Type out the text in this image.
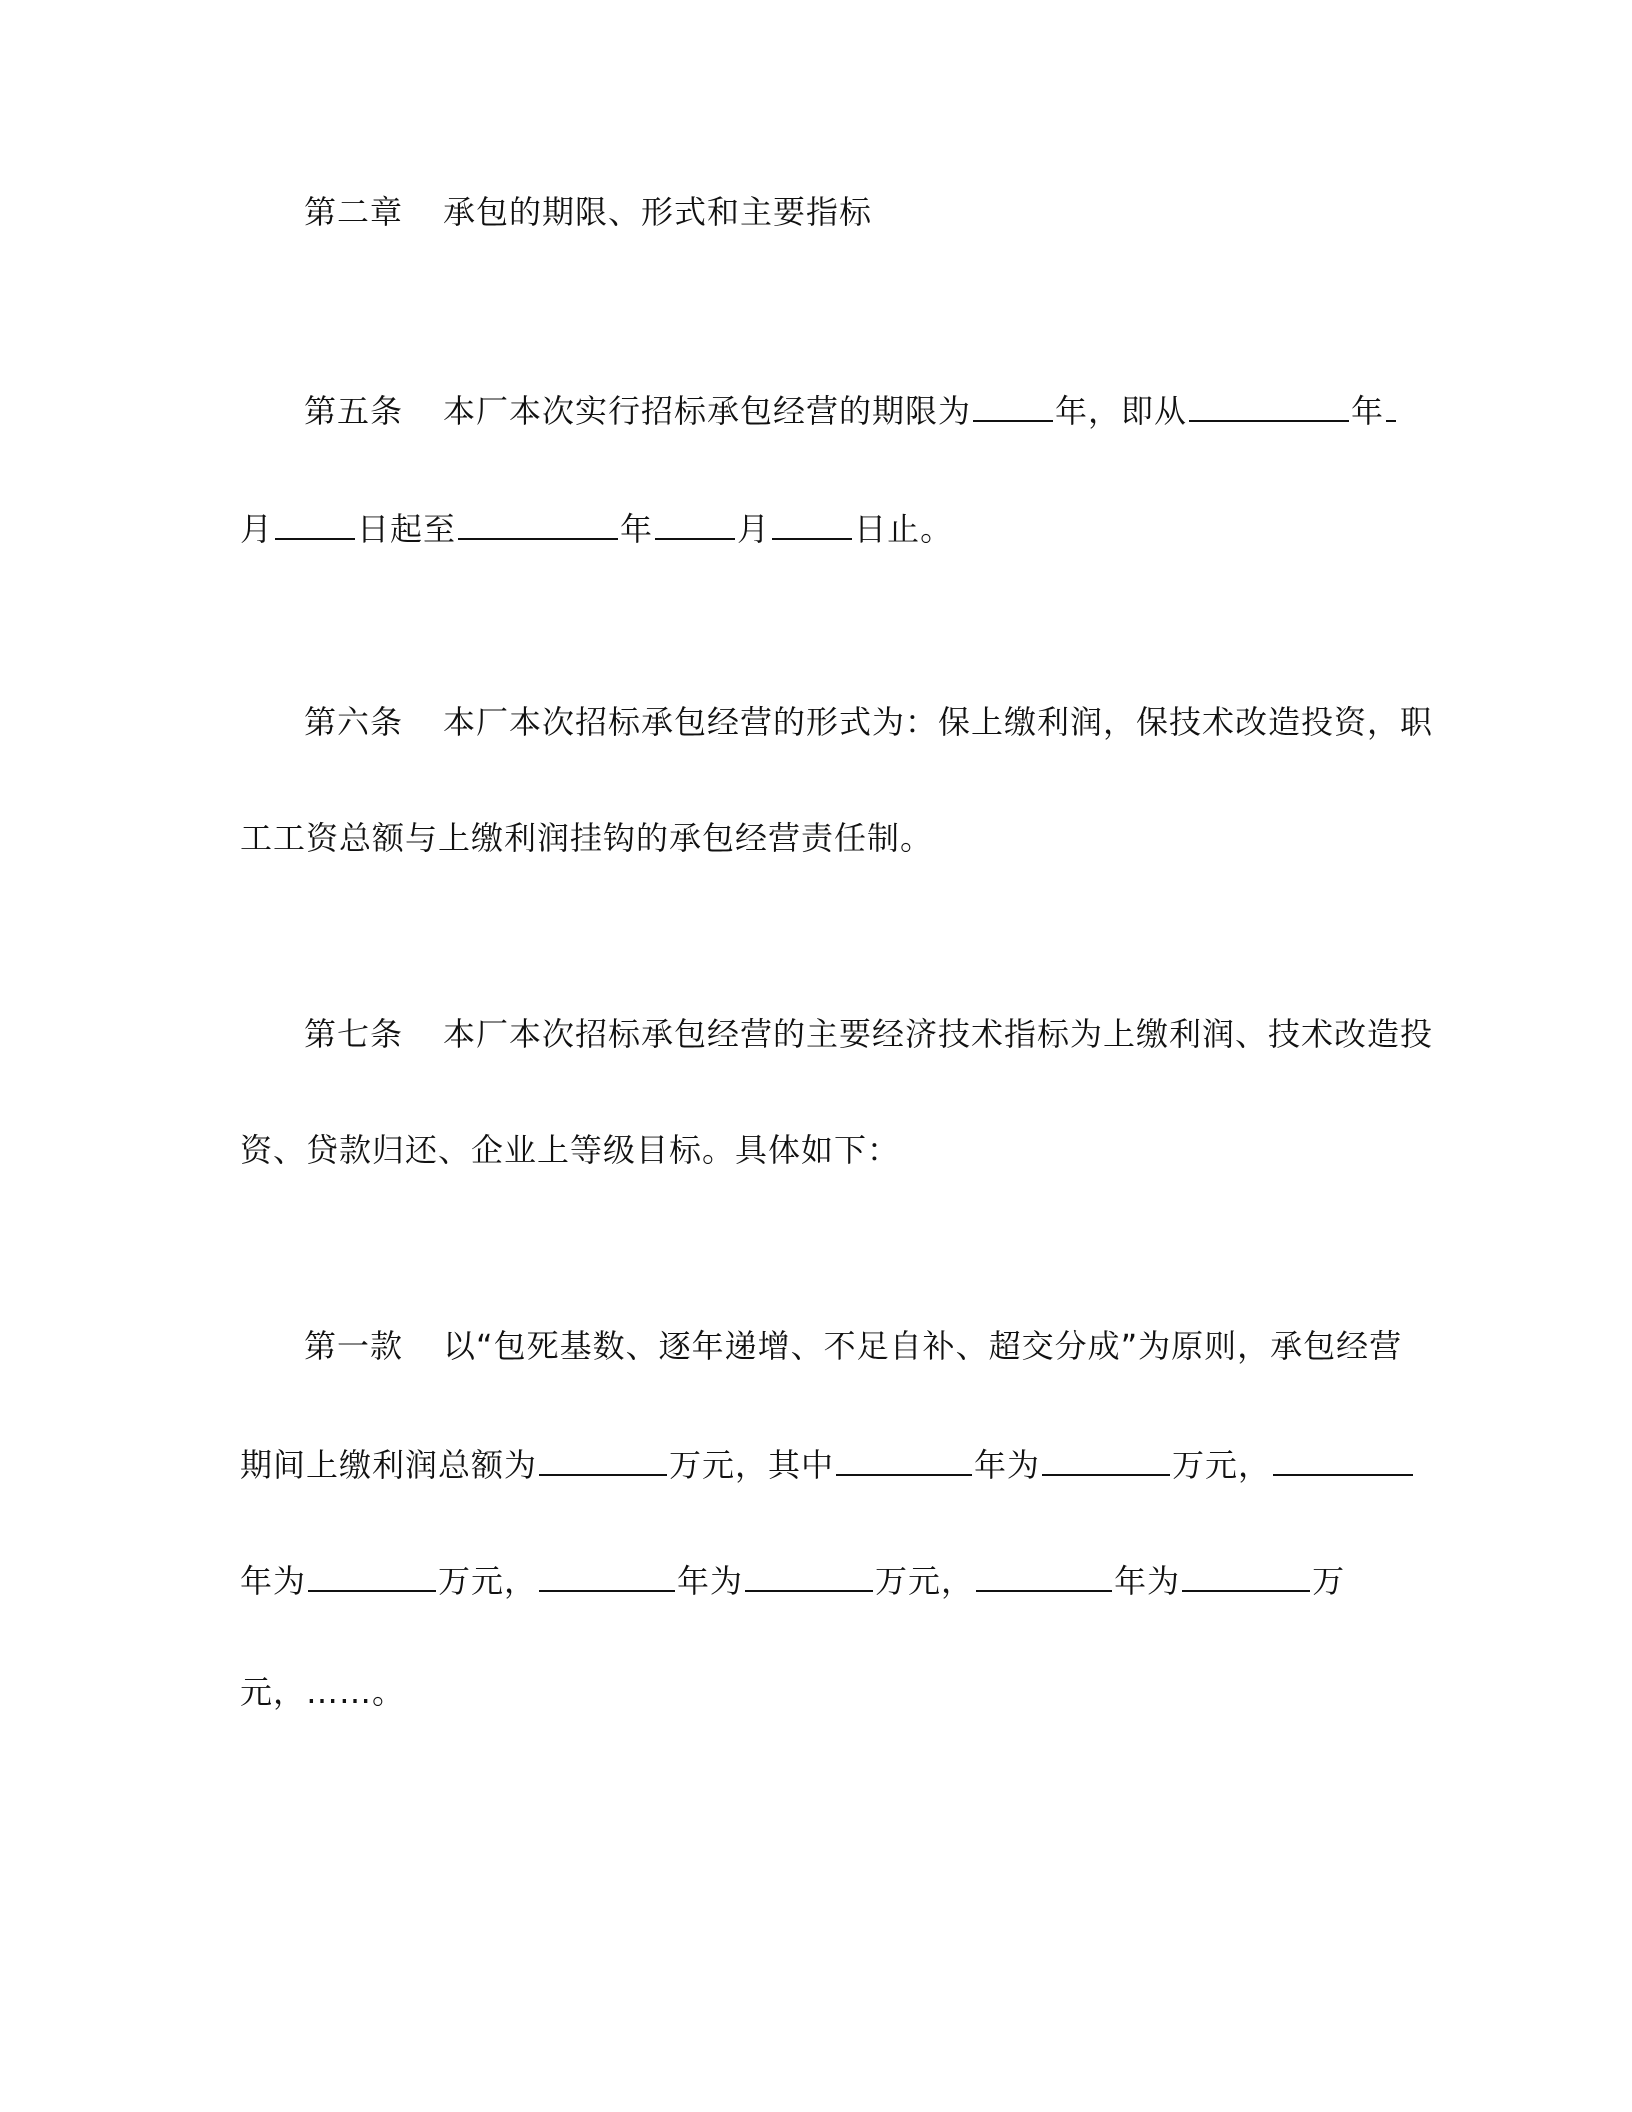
第二章 承包的期限、形式和主要指标
第五条 本厂本次实行招标承包经营的期限为	年，即从	年
月	日起至	年	月	日止。
第六条 本厂本次招标承包经营的形式为：保上缴利润，保技术改造投资，职
工工资总额与上缴利润挂钩的承包经营责任制。
第七条 本厂本次招标承包经营的主要经济技术指标为上缴利润、技术改造投
资、贷款归还、企业上等级目标。具体如下：
第一款 以“包死基数、逐年递增、不足自补、超交分成”为原则，承包经营
期间上缴利润总额为	万元，其中	年为	万元，
年为	万元，	年为	万元，	年为	万
元，……。
